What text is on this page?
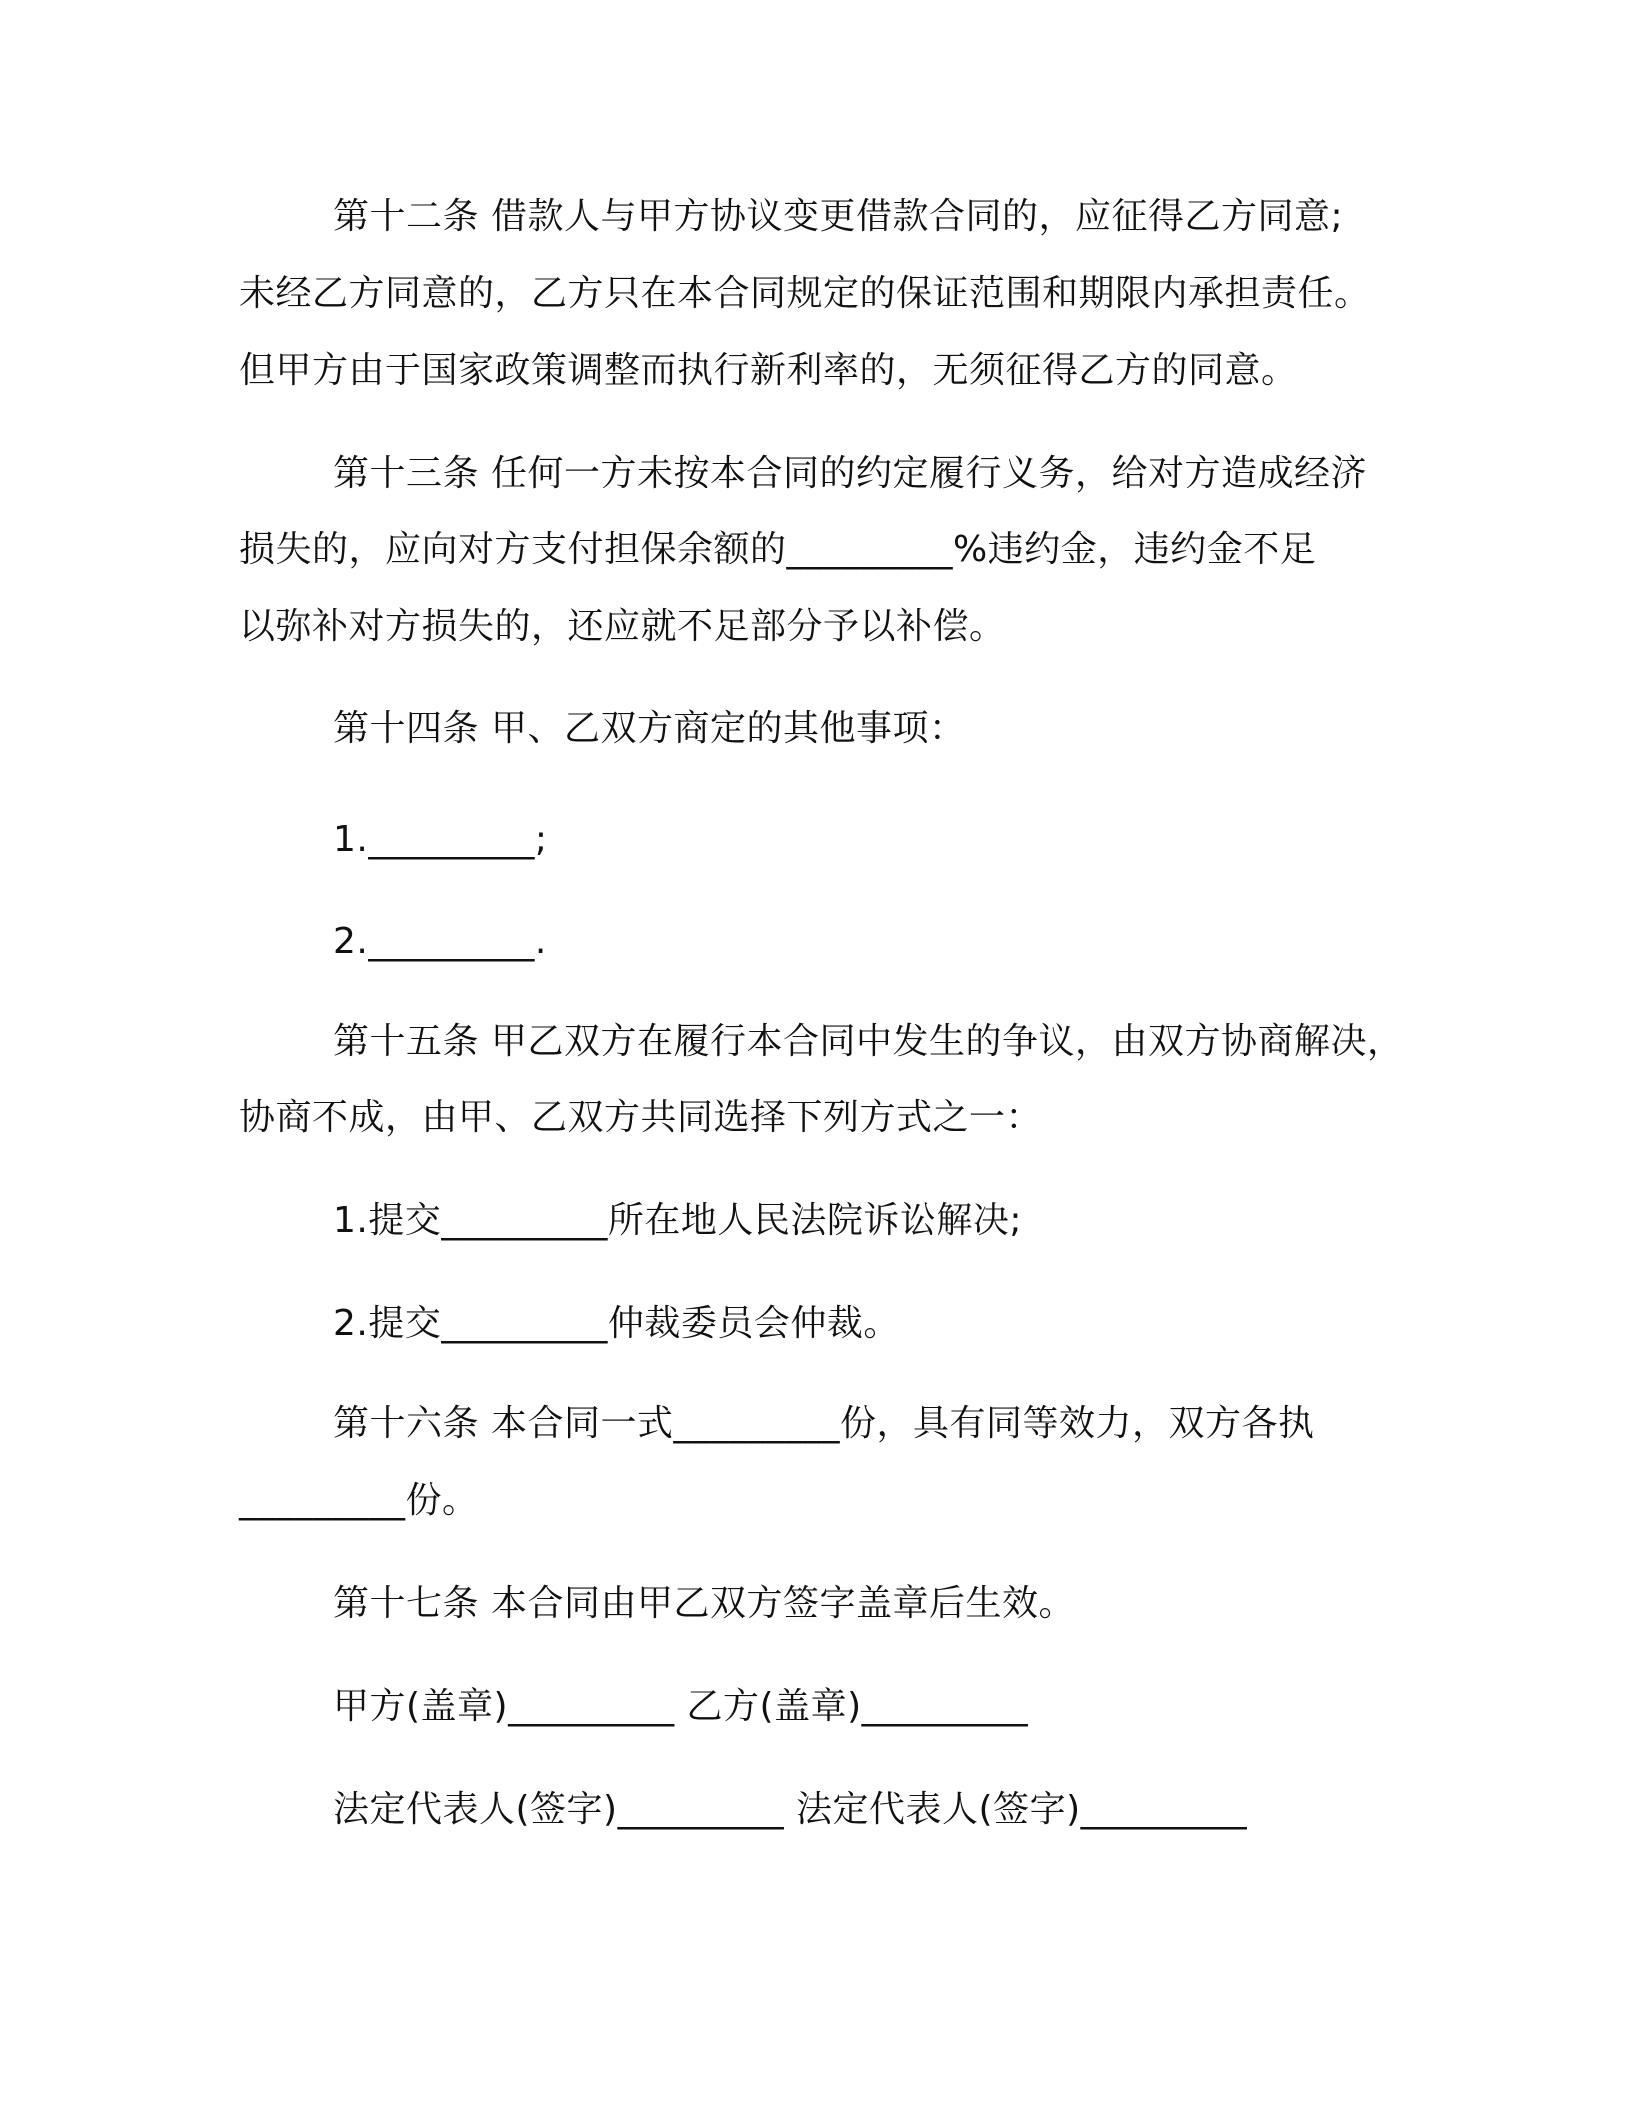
第十二条 借款人与甲方协议变更借款合同的，应征得乙方同意;
未经乙方同意的，乙方只在本合同规定的保证范围和期限内承担责任。
但甲方由于国家政策调整而执行新利率的，无须征得乙方的同意。
第十三条 任何一方未按本合同的约定履行义务，给对方造成经济
损失的，应向对方支付担保余额的_________%违约金，违约金不足
以弥补对方损失的，还应就不足部分予以补偿。
第十四条 甲、乙双方商定的其他事项：
1._________;
2._________.
第十五条 甲乙双方在履行本合同中发生的争议，由双方协商解决，
协商不成，由甲、乙双方共同选择下列方式之一：
1.提交_________所在地人民法院诉讼解决;
2.提交_________仲裁委员会仲裁。
第十六条 本合同一式_________份，具有同等效力，双方各执
_________份。
第十七条 本合同由甲乙双方签字盖章后生效。
甲方(盖章)_________ 乙方(盖章)_________
法定代表人(签字)_________ 法定代表人(签字)_________
